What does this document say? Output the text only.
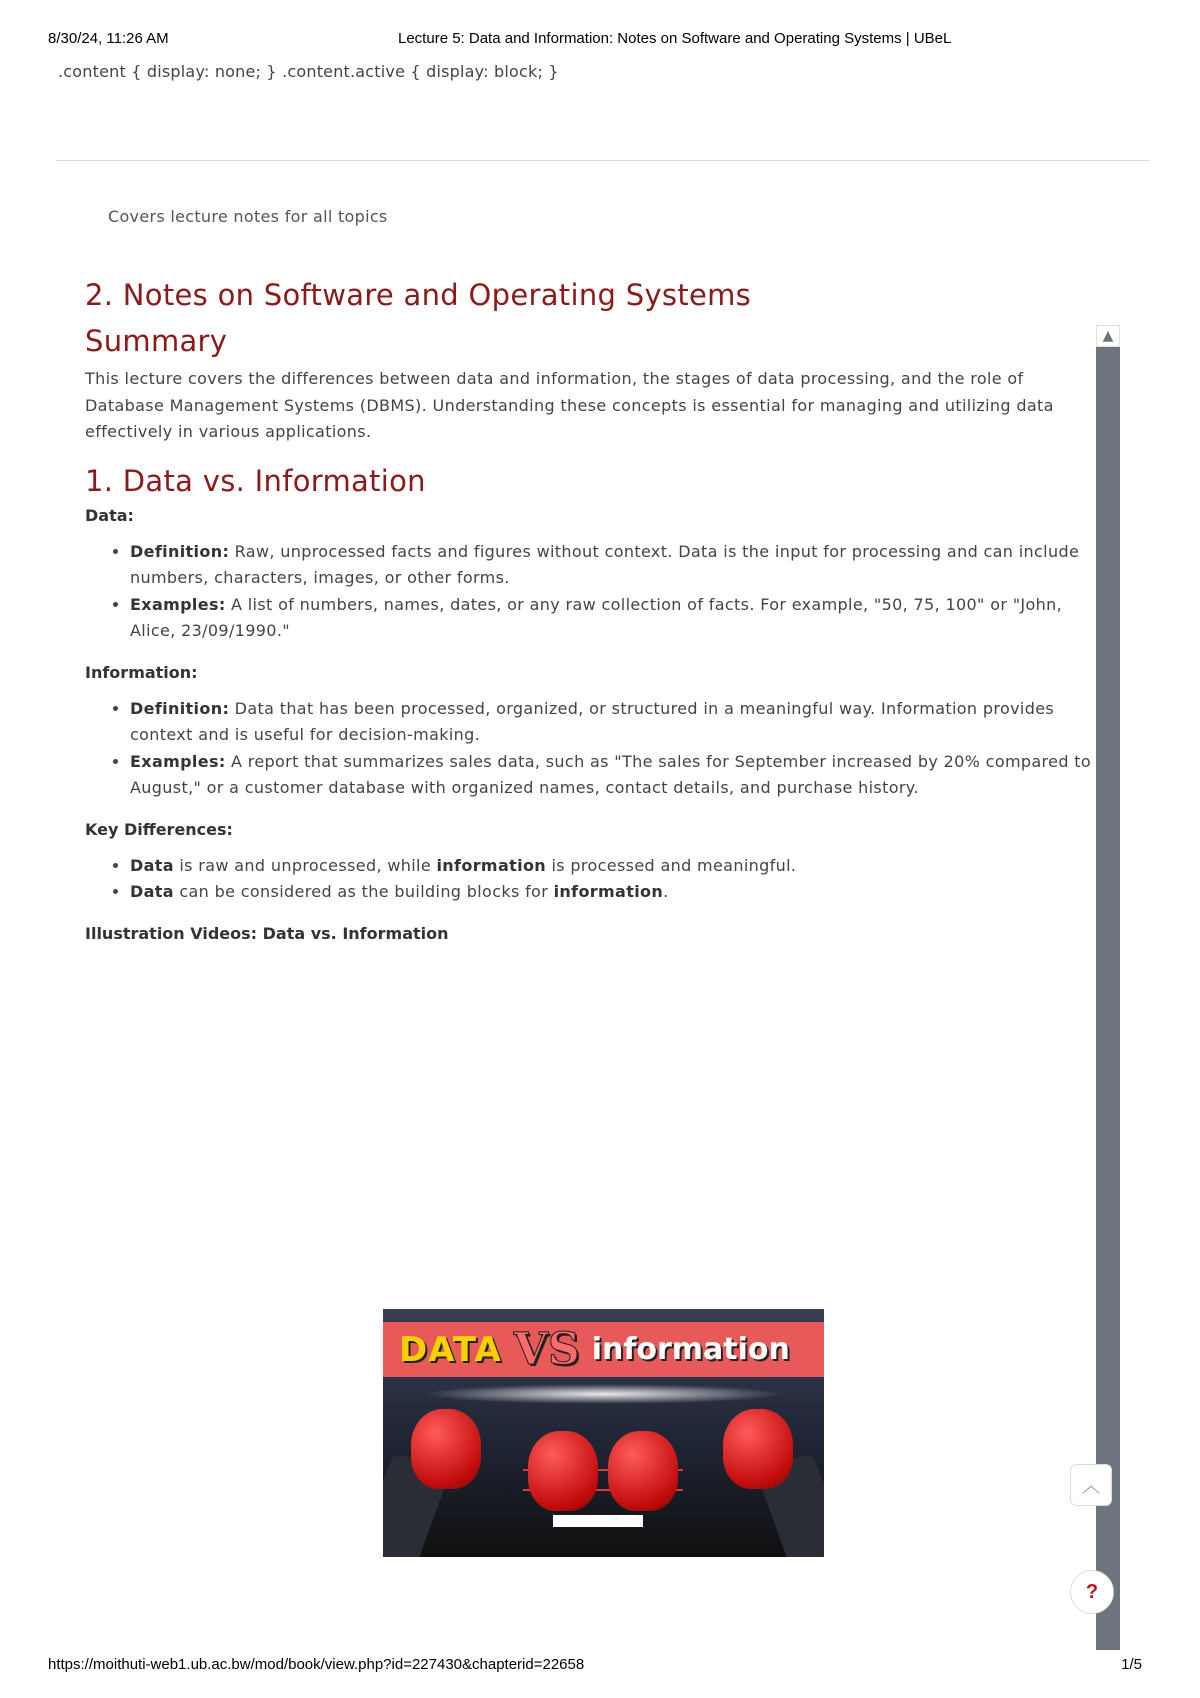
8/30/24, 11:26 AM	Lecture 5: Data and Information: Notes on Software and Operating Systems | UBeL
.content { display: none; } .content.active { display: block; }
Covers lecture notes for all topics
2. Notes on Software and Operating Systems
Summary

This lecture covers the differences between data and information, the stages of data processing, and the role of Database Management Systems (DBMS). Understanding these concepts is essential for managing and utilizing data effectively in various applications.

1. Data vs. Information
Data:
• Definition: Raw, unprocessed facts and figures without context. Data is the input for processing and can include numbers, characters, images, or other forms.
• Examples: A list of numbers, names, dates, or any raw collection of facts. For example, "50, 75, 100" or "John, Alice, 23/09/1990."
Information:
• Definition: Data that has been processed, organized, or structured in a meaningful way. Information provides context and is useful for decision-making.
• Examples: A report that summarizes sales data, such as "The sales for September increased by 20% compared to August," or a customer database with organized names, contact details, and purchase history.
Key Differences:
• Data is raw and unprocessed, while information is processed and meaningful.
• Data can be considered as the building blocks for information.
Illustration Videos: Data vs. Information
DATA VS information
▲
︿
?
https://moithuti-web1.ub.ac.bw/mod/book/view.php?id=227430&chapterid=22658	1/5
